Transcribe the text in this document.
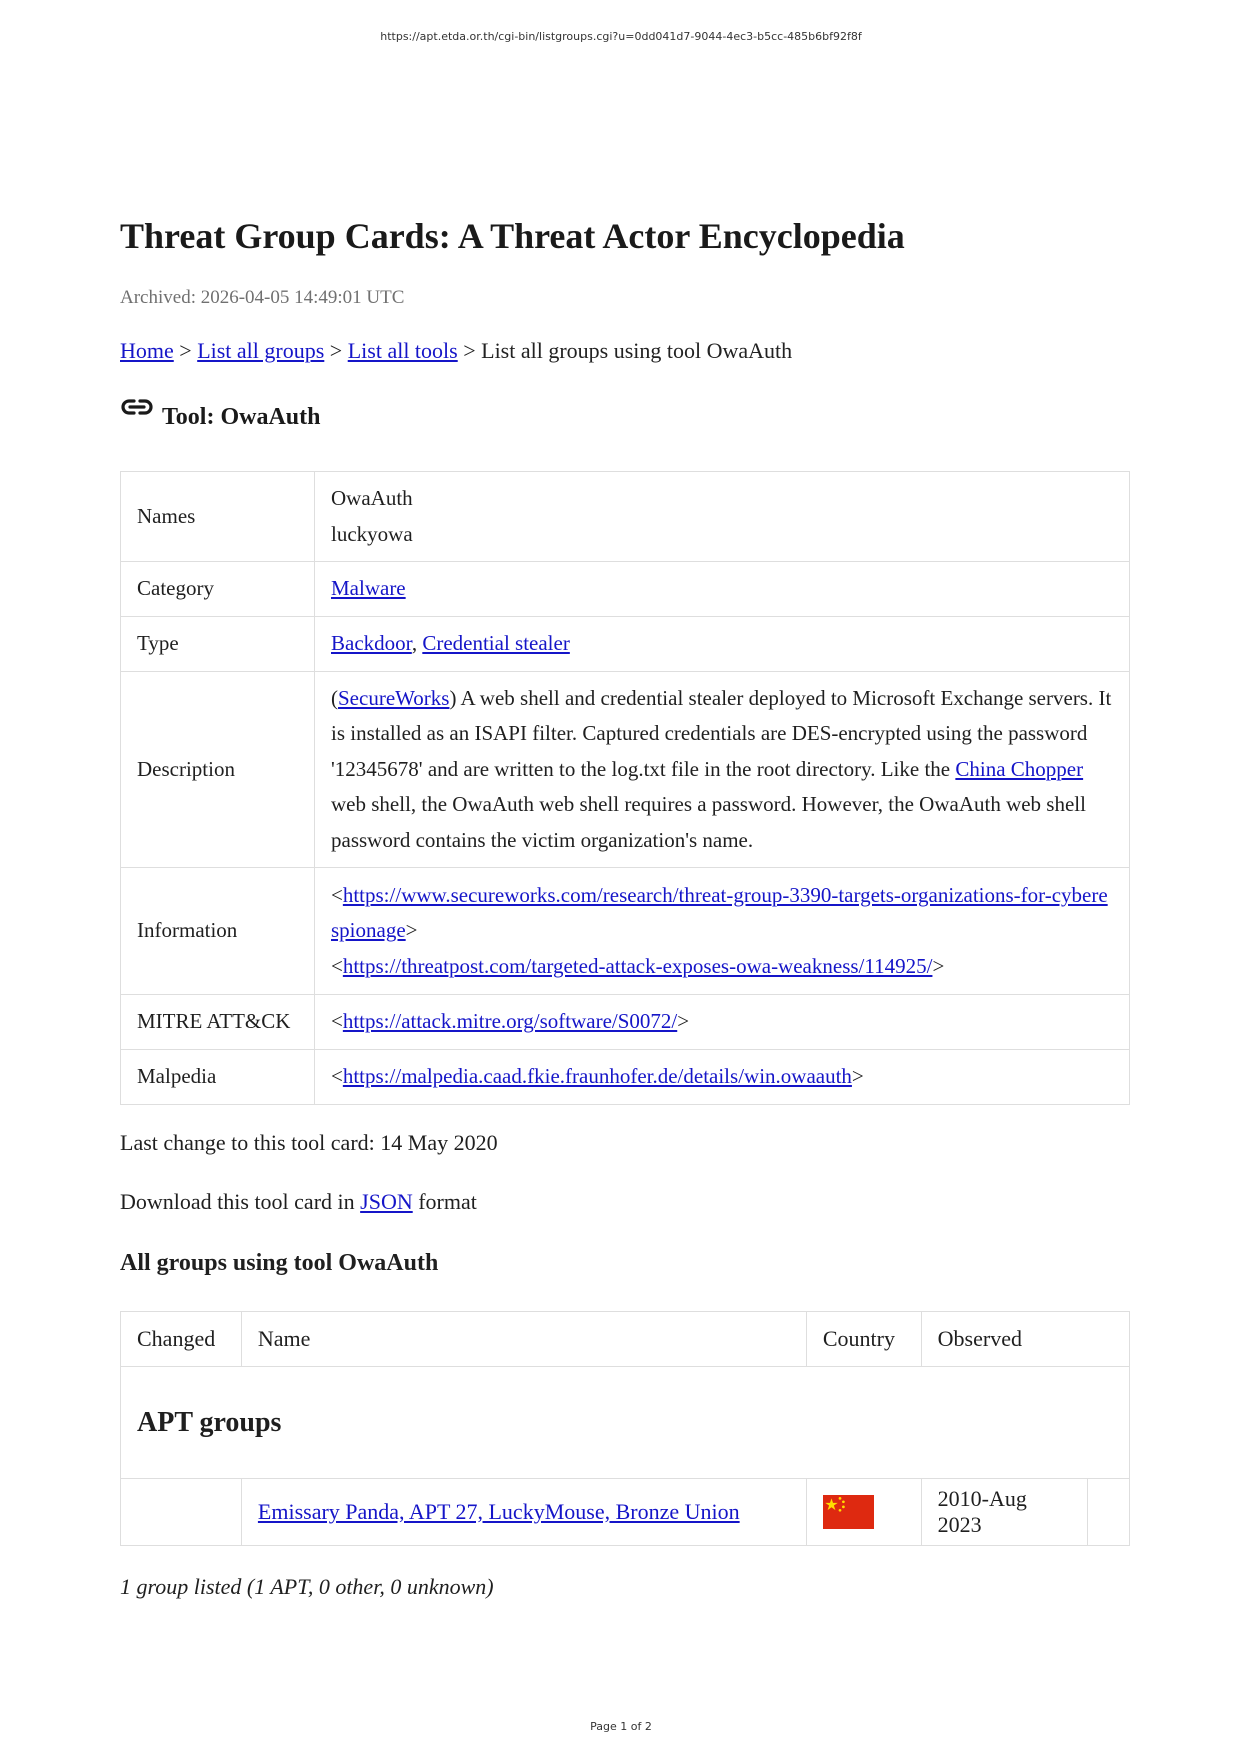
https://apt.etda.or.th/cgi-bin/listgroups.cgi?u=0dd041d7-9044-4ec3-b5cc-485b6bf92f8f
Threat Group Cards: A Threat Actor Encyclopedia
Archived: 2026-04-05 14:49:01 UTC
Home > List all groups > List all tools > List all groups using tool OwaAuth
Tool: OwaAuth
Names	OwaAuth
luckyowa

Category	Malware
Type	Backdoor, Credential stealer
Description	(SecureWorks) A web shell and credential stealer deployed to Microsoft Exchange servers. It is installed as an ISAPI filter. Captured credentials are DES-encrypted using the password '12345678' and are written to the log.txt file in the root directory. Like the China Chopper web shell, the OwaAuth web shell requires a password. However, the OwaAuth web shell password contains the victim organization's name.
Information	<https://www.secureworks.com/research/threat-group-3390-targets-organizations-for-cyberespionage>
<https://threatpost.com/targeted-attack-exposes-owa-weakness/114925/>

MITRE ATT&CK	<https://attack.mitre.org/software/S0072/>
Malpedia	<https://malpedia.caad.fkie.fraunhofer.de/details/win.owaauth>
Last change to this tool card: 14 May 2020
Download this tool card in JSON format
All groups using tool OwaAuth
Changed	Name	Country	Observed	
APT groups				
	Emissary Panda, APT 27, LuckyMouse, Bronze Union		2010-Aug 2023	
1 group listed (1 APT, 0 other, 0 unknown)
Page 1 of 2
